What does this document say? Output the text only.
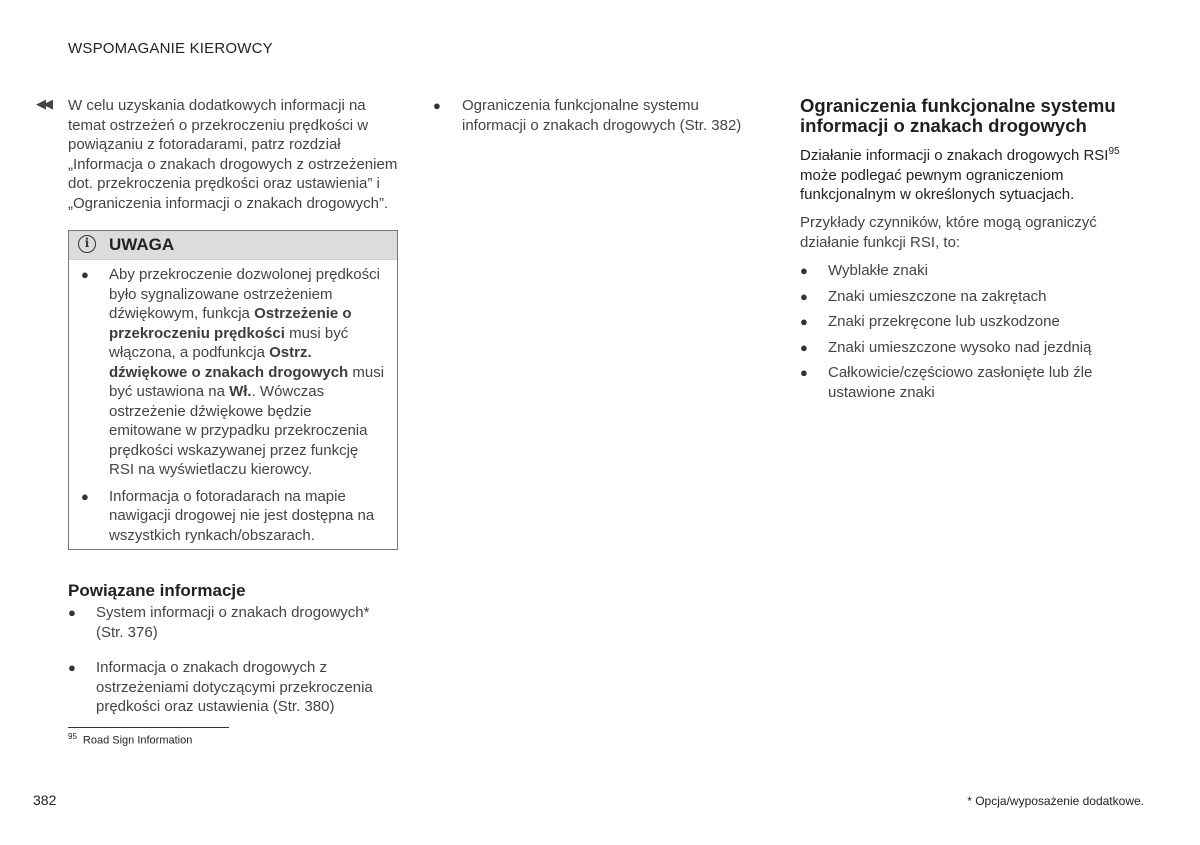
WSPOMAGANIE KIEROWCY
◀◀ W celu uzyskania dodatkowych informacji na temat ostrzeżeń o przekroczeniu prędkości w powiązaniu z fotoradarami, patrz rozdział „Informacja o znakach drogowych z ostrzeżeniem dot. przekroczenia prędkości oraz ustawienia” i „Ograniczenia informacji o znakach drogowych”.

i	UWAGA
● Aby przekroczenie dozwolonej prędkości było sygnalizowane ostrzeżeniem dźwiękowym, funkcja Ostrzeżenie o przekroczeniu prędkości musi być włączona, a podfunkcja Ostrz. dźwiękowe o znakach drogowych musi być ustawiona na Wł.. Wówczas ostrzeżenie dźwiękowe będzie emitowane w przypadku przekroczenia prędkości wskazywanej przez funkcję RSI na wyświetlaczu kierowcy.
● Informacja o fotoradarach na mapie nawigacji drogowej nie jest dostępna na wszystkich rynkach/obszarach.
Powiązane informacje
● System informacji o znakach drogowych* (Str. 376)
● Informacja o znakach drogowych z ostrzeżeniami dotyczącymi przekroczenia prędkości oraz ustawienia (Str. 380)
$^{95}$ Road Sign Information
● Ograniczenia funkcjonalne systemu informacji o znakach drogowych (Str. 382)
Ograniczenia funkcjonalne systemu informacji o znakach drogowych

Działanie informacji o znakach drogowych RSI$^{95}$ może podlegać pewnym ograniczeniom funkcjonalnym w określonych sytuacjach.

Przykłady czynników, które mogą ograniczyć działanie funkcji RSI, to:

● Wyblakłe znaki
● Znaki umieszczone na zakrętach
● Znaki przekręcone lub uszkodzone
● Znaki umieszczone wysoko nad jezdnią
● Całkowicie/częściowo zasłonięte lub źle ustawione znaki
382	* Opcja/wyposażenie dodatkowe.
